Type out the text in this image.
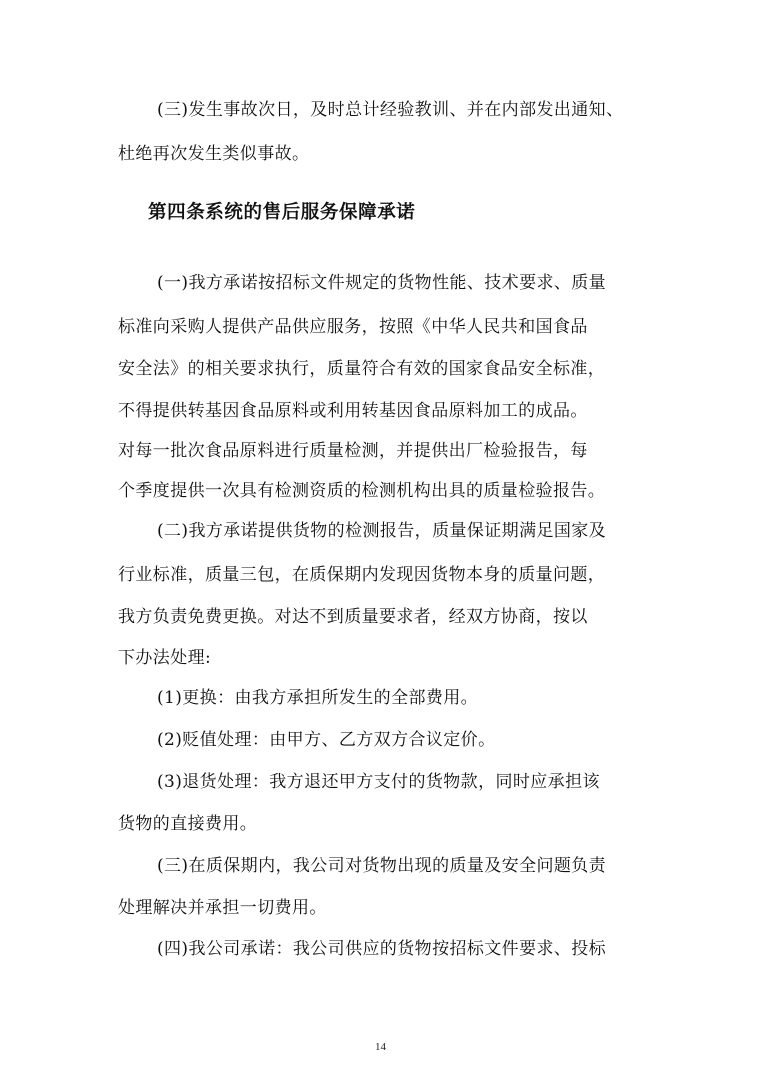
(三)发生事故次日，及时总计经验教训、并在内部发出通知、
杜绝再次发生类似事故。
第四条系统的售后服务保障承诺
(一)我方承诺按招标文件规定的货物性能、技术要求、质量
标准向采购人提供产品供应服务，按照《中华人民共和国食品
安全法》的相关要求执行，质量符合有效的国家食品安全标准，
不得提供转基因食品原料或利用转基因食品原料加工的成品。
对每一批次食品原料进行质量检测，并提供出厂检验报告，每
个季度提供一次具有检测资质的检测机构出具的质量检验报告。
(二)我方承诺提供货物的检测报告，质量保证期满足国家及
行业标准，质量三包，在质保期内发现因货物本身的质量问题，
我方负责免费更换。对达不到质量要求者，经双方协商，按以
下办法处理:
(1)更换：由我方承担所发生的全部费用。
(2)贬值处理：由甲方、乙方双方合议定价。
(3)退货处理：我方退还甲方支付的货物款，同时应承担该
货物的直接费用。
(三)在质保期内，我公司对货物出现的质量及安全问题负责
处理解决并承担一切费用。
(四)我公司承诺：我公司供应的货物按招标文件要求、投标
14
